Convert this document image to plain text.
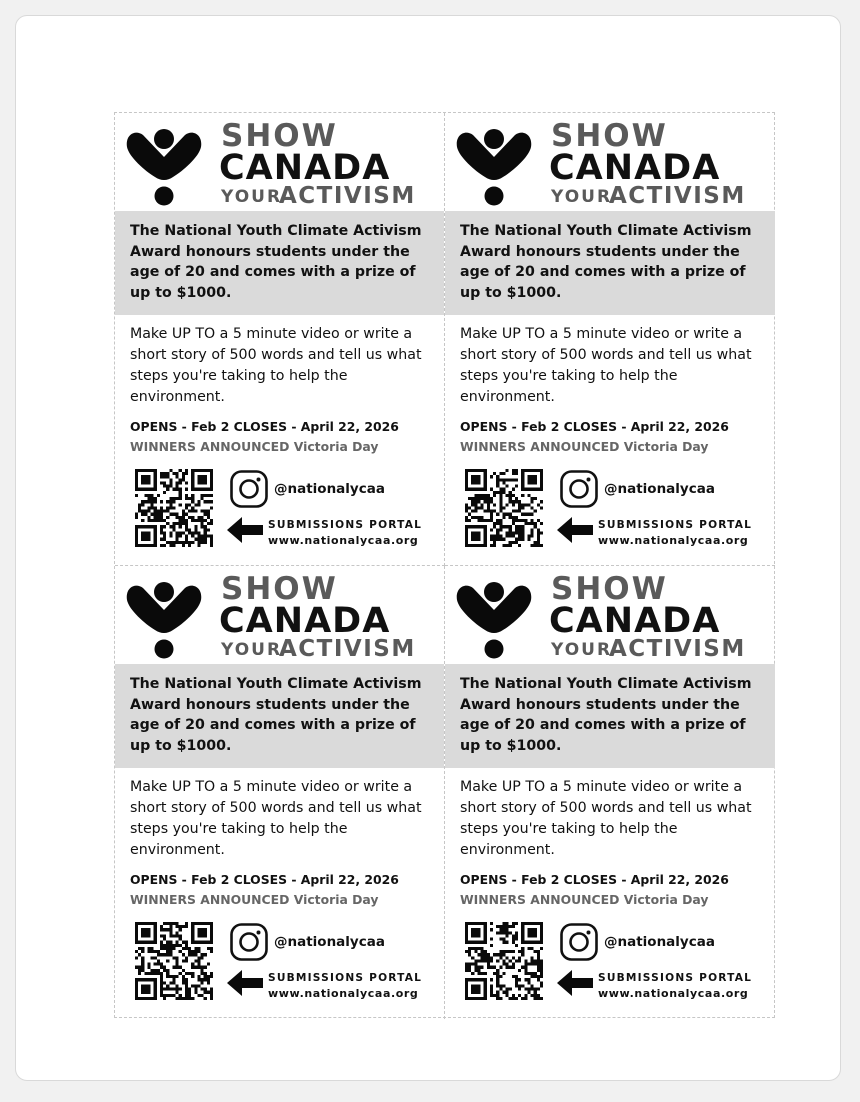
SHOW
CANADA
YOUR
ACTIVISM
The National Youth Climate Activism Award honours students under the age of 20 and comes with a prize of up to $1000.
Make UP TO a 5 minute video or write a short story of 500 words and tell us what steps you're taking to help the environment.
OPENS - Feb 2 CLOSES - April 22, 2026
WINNERS ANNOUNCED Victoria Day
@nationalycaa
SUBMISSIONS PORTAL
www.nationalycaa.org
SHOW
CANADA
YOUR
ACTIVISM
The National Youth Climate Activism Award honours students under the age of 20 and comes with a prize of up to $1000.
Make UP TO a 5 minute video or write a short story of 500 words and tell us what steps you're taking to help the environment.
OPENS - Feb 2 CLOSES - April 22, 2026
WINNERS ANNOUNCED Victoria Day
@nationalycaa
SUBMISSIONS PORTAL
www.nationalycaa.org
SHOW
CANADA
YOUR
ACTIVISM
The National Youth Climate Activism Award honours students under the age of 20 and comes with a prize of up to $1000.
Make UP TO a 5 minute video or write a short story of 500 words and tell us what steps you're taking to help the environment.
OPENS - Feb 2 CLOSES - April 22, 2026
WINNERS ANNOUNCED Victoria Day
@nationalycaa
SUBMISSIONS PORTAL
www.nationalycaa.org
SHOW
CANADA
YOUR
ACTIVISM
The National Youth Climate Activism Award honours students under the age of 20 and comes with a prize of up to $1000.
Make UP TO a 5 minute video or write a short story of 500 words and tell us what steps you're taking to help the environment.
OPENS - Feb 2 CLOSES - April 22, 2026
WINNERS ANNOUNCED Victoria Day
@nationalycaa
SUBMISSIONS PORTAL
www.nationalycaa.org
